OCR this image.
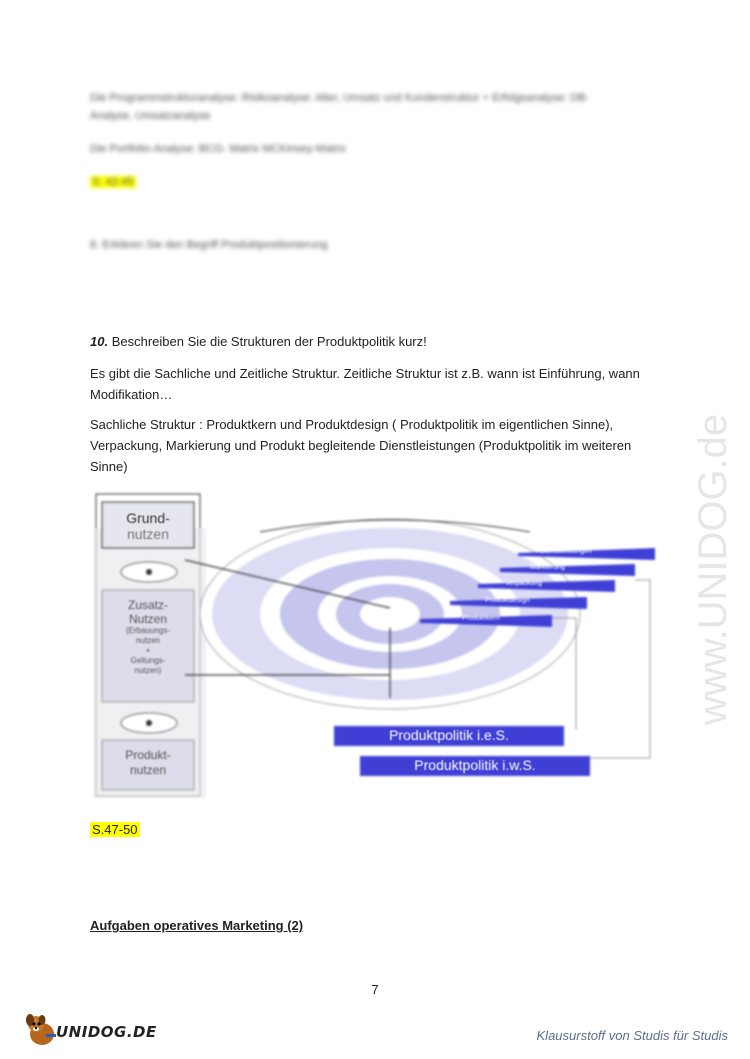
Die Programmstrukturanalyse: Risikoanalyse: Alter, Umsatz und Kundenstruktur + Erfolgsanalyse: DB-
Analyse, Umsatzanalyse
Die Portfolio-Analyse: BCG- Matrix MCKinsey-Matrix
S. 42-45
8. Erklären Sie den Begriff Produktpositionierung
10. Beschreiben Sie die Strukturen der Produktpolitik kurz!
Es gibt die Sachliche und Zeitliche Struktur. Zeitliche Struktur ist z.B. wann ist Einführung, wann Modifikation…
Sachliche Struktur : Produktkern und Produktdesign ( Produktpolitik im eigentlichen Sinne), Verpackung, Markierung und Produkt begleitende Dienstleistungen (Produktpolitik im weiteren Sinne)
Grund-
nutzen
Zusatz-
Nutzen
(Erbauungs-
nutzen
+
Geltungs-
nutzen)
Produkt-
nutzen
Dienstleistungen
Markierung
Verpackung
Produktdesign
Produktkern
Produktpolitik i.e.S.
Produktpolitik i.w.S.
S.47-50
Aufgaben operatives Marketing (2)
7
www.UNIDOG.de
UNIDOG.DE	Klausurstoff von Studis für Studis
